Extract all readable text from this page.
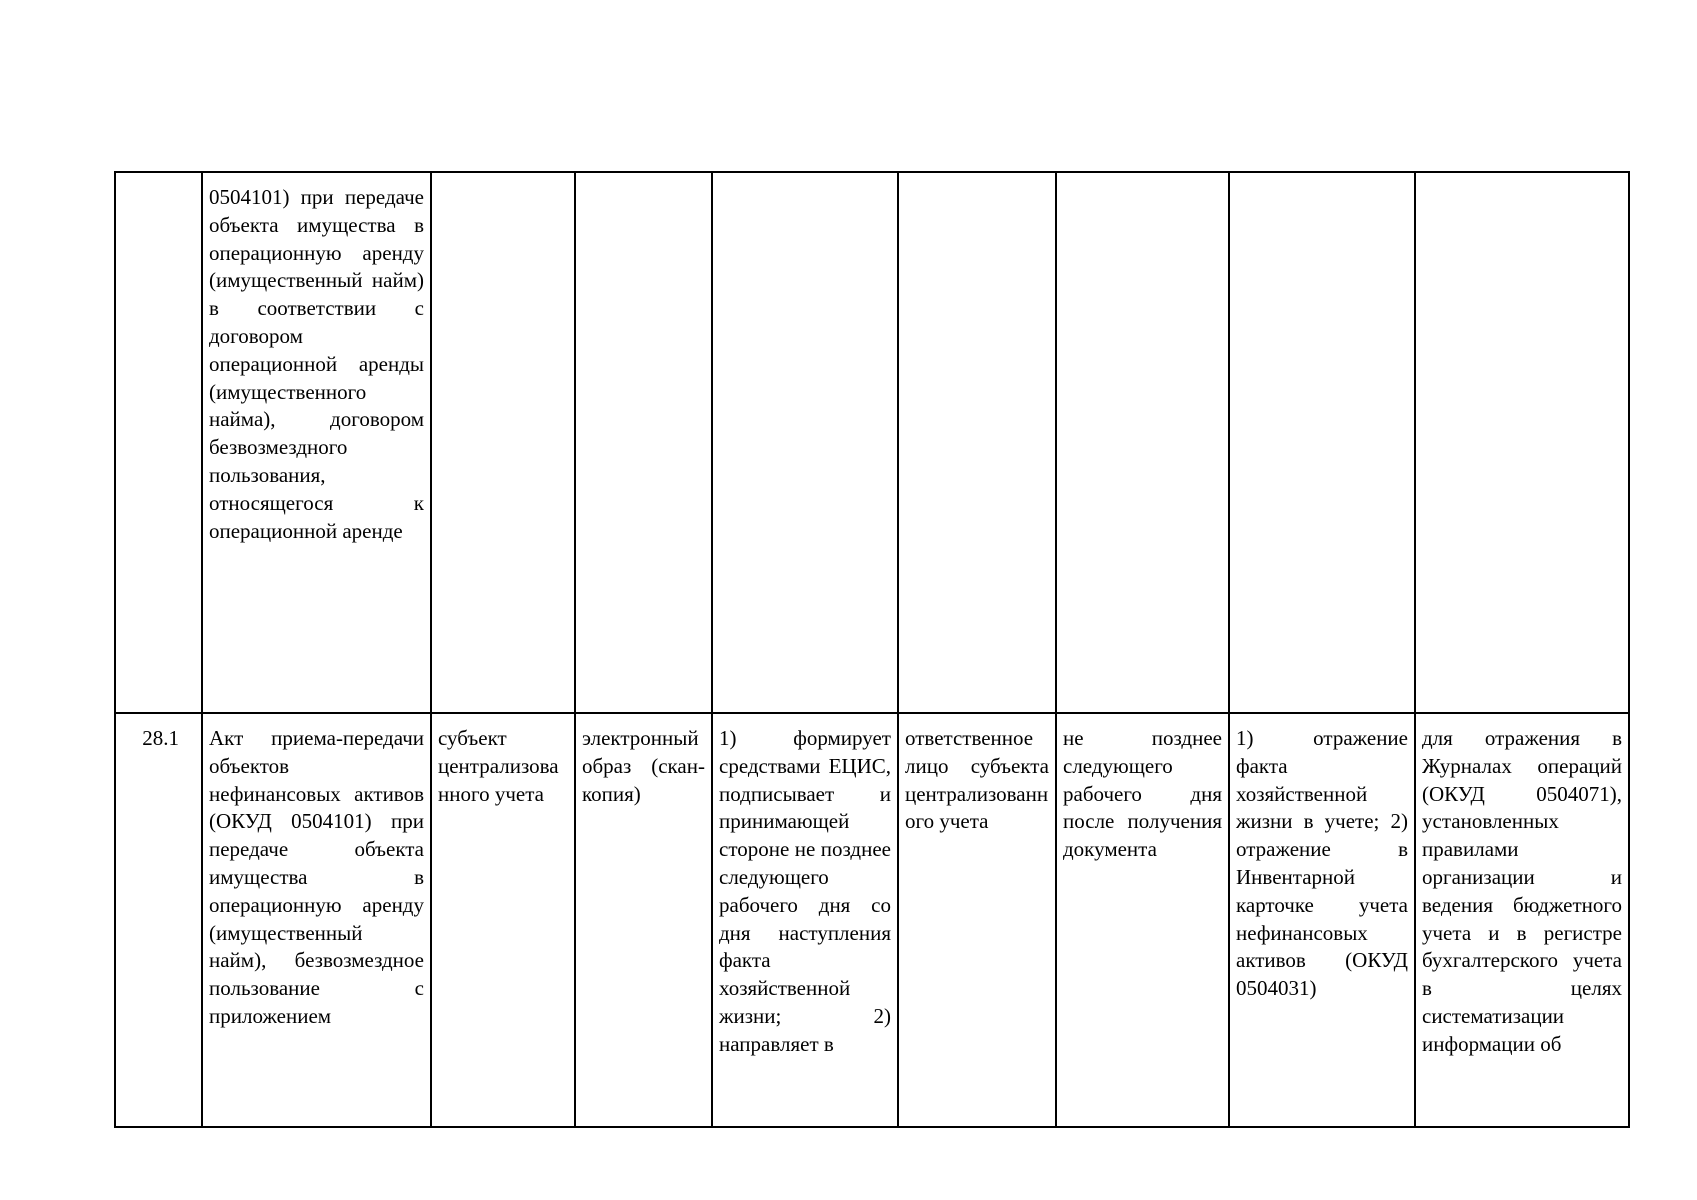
	0504101) при передаче объекта имущества в операционную аренду (имущественный найм) в соответствии с договором операционной аренды (имущественного найма), договором безвозмездного пользования, относящегося к операционной аренде							
28.1	Акт приема-передачи объектов нефинансовых активов (ОКУД 0504101) при передаче объекта имущества в операционную аренду (имущественный найм), безвозмездное пользование с приложением	субъект централизованного учета	электронный образ (скан-копия)	1) формирует средствами ЕЦИС, подписывает и принимающей стороне не позднее следующего рабочего дня со дня наступления факта хозяйственной жизни; 2) направляет в	ответственное лицо субъекта централизованного учета	не позднее следующего рабочего дня после получения документа	1) отражение факта хозяйственной жизни в учете; 2) отражение в Инвентарной карточке учета нефинансовых активов (ОКУД 0504031)	для отражения в Журналах операций (ОКУД 0504071), установленных правилами организации и ведения бюджетного учета и в регистре бухгалтерского учета в целях систематизации информации об
